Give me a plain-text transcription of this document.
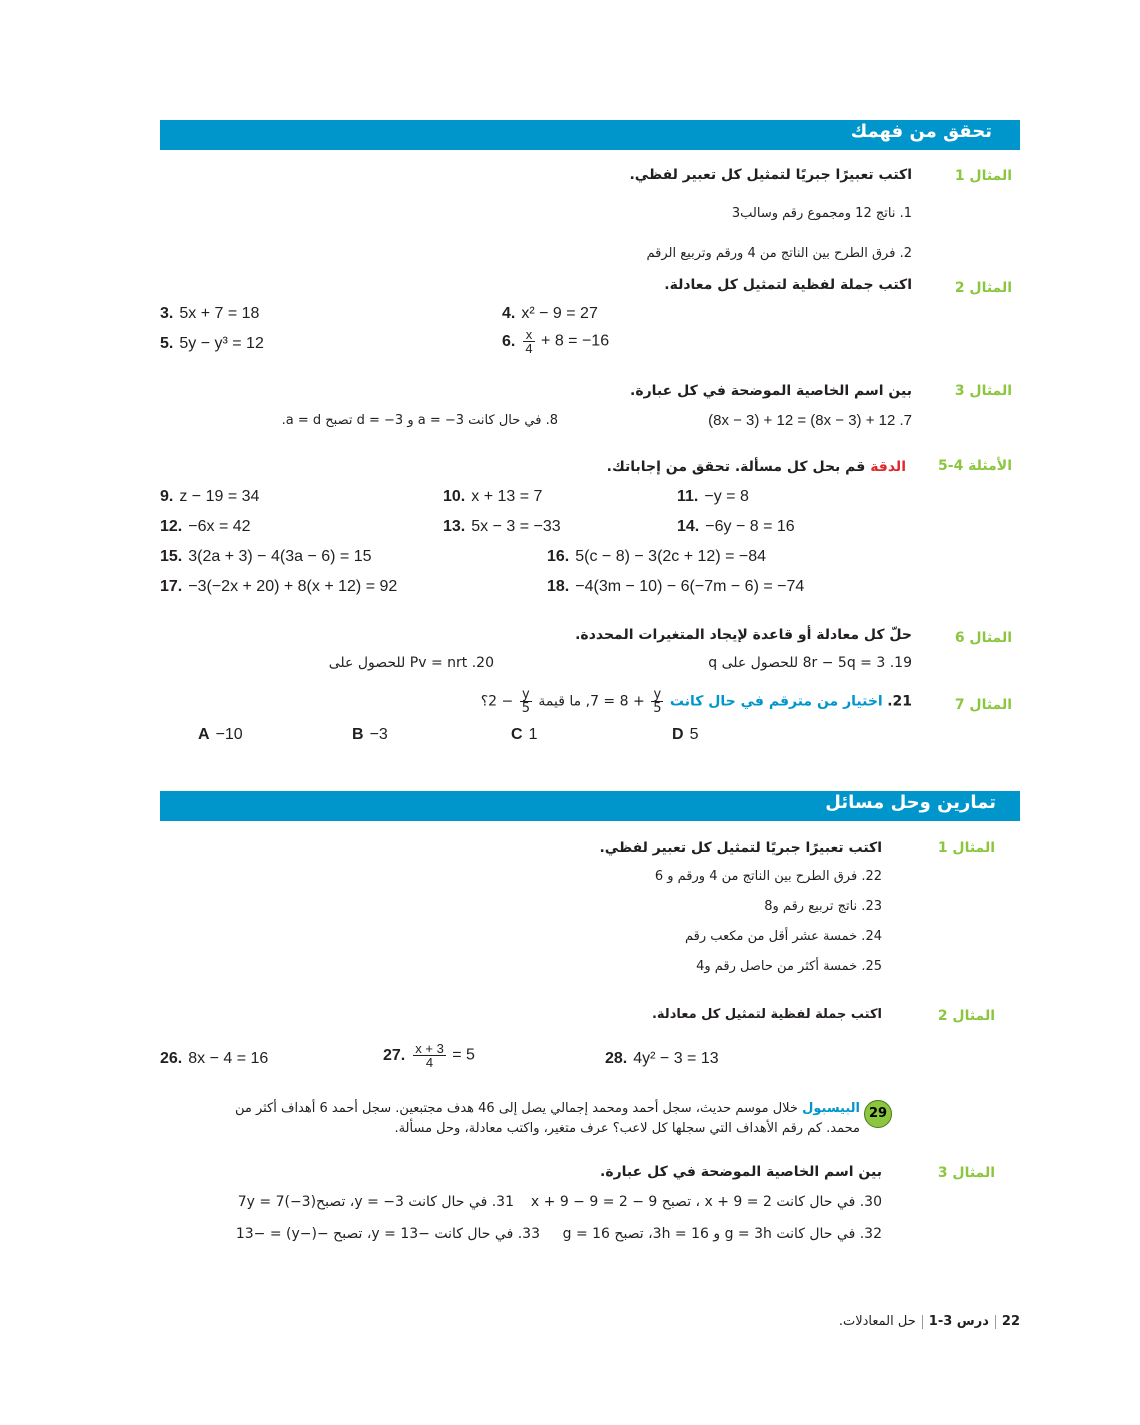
تحقق من فهمك
المثال 1
اكتب تعبيرًا جبريًا لتمثيل كل تعبير لفظي.
1. ناتج 12 ومجموع رقم وسالب3
2. فرق الطرح بين الناتج من 4 ورقم وتربيع الرقم
المثال 2
اكتب جملة لفظية لتمثيل كل معادلة.
3. 5x + 7 = 18	4. x² − 9 = 27
5. 5y − y³ = 12	6. $\frac{x}{4} + 8 = -16$
المثال 3
بين اسم الخاصية الموضحة في كل عبارة.
(8x − 3) + 12 = (8x − 3) + 12 .7
8. في حال كانت a = −3 و d = −3 تصبح a = d.
الأمثلة 4-5
الدقة قم بحل كل مسألة. تحقق من إجاباتك.
9. z − 19 = 34	10. x + 13 = 7	11. −y = 8
12. −6x = 42	13. 5x − 3 = −33	14. −6y − 8 = 16
15. 3(2a + 3) − 4(3a − 6) = 15	16. 5(c − 8) − 3(2c + 12) = −84
17. −3(−2x + 20) + 8(x + 12) = 92	18. −4(3m − 10) − 6(−7m − 6) = −74
المثال 6
حلّ كل معادلة أو قاعدة لإيجاد المتغيرات المحددة.
19. 8r − 5q = 3 للحصول على q
20. Pv = nrt للحصول على
المثال 7
21. اختيار من مترقم في حال كانت
$\frac{y}{5}$
+ 8 = 7, ما قيمة
$\frac{y}{5}$
− 2؟
A −10	B −3	C 1	D 5
تمارين وحل مسائل
المثال 1
اكتب تعبيرًا جبريًا لتمثيل كل تعبير لفظي.
22. فرق الطرح بين الناتج من 4 ورقم و 6
23. ناتج تربيع رقم و8
24. خمسة عشر أقل من مكعب رقم
25. خمسة أكثر من حاصل رقم و4
المثال 2
اكتب جملة لفظية لتمثيل كل معادلة.
26. 8x − 4 = 16	27. $\frac{x + 3}{4} = 5$	28. 4y² − 3 = 13
29
البيسبول خلال موسم حديث، سجل أحمد ومحمد إجمالي يصل إلى 46 هدف مجتبعين. سجل أحمد 6 أهداف أكثر من
محمد. كم رقم الأهداف التي سجلها كل لاعب؟ عرف متغير، واكتب معادلة، وحل مسألة.
المثال 3
بين اسم الخاصية الموضحة في كل عبارة.
30. في حال كانت x + 9 = 2 ، تصبح x + 9 − 9 = 2 − 9
31. في حال كانت y = −3، تصبح7y = 7(−3)
32. في حال كانت g = 3h و 3h = 16، تصبح g = 16
33. في حال كانت −y = 13، تصبح −(−y) = −13
22درس 3-1حل المعادلات.
